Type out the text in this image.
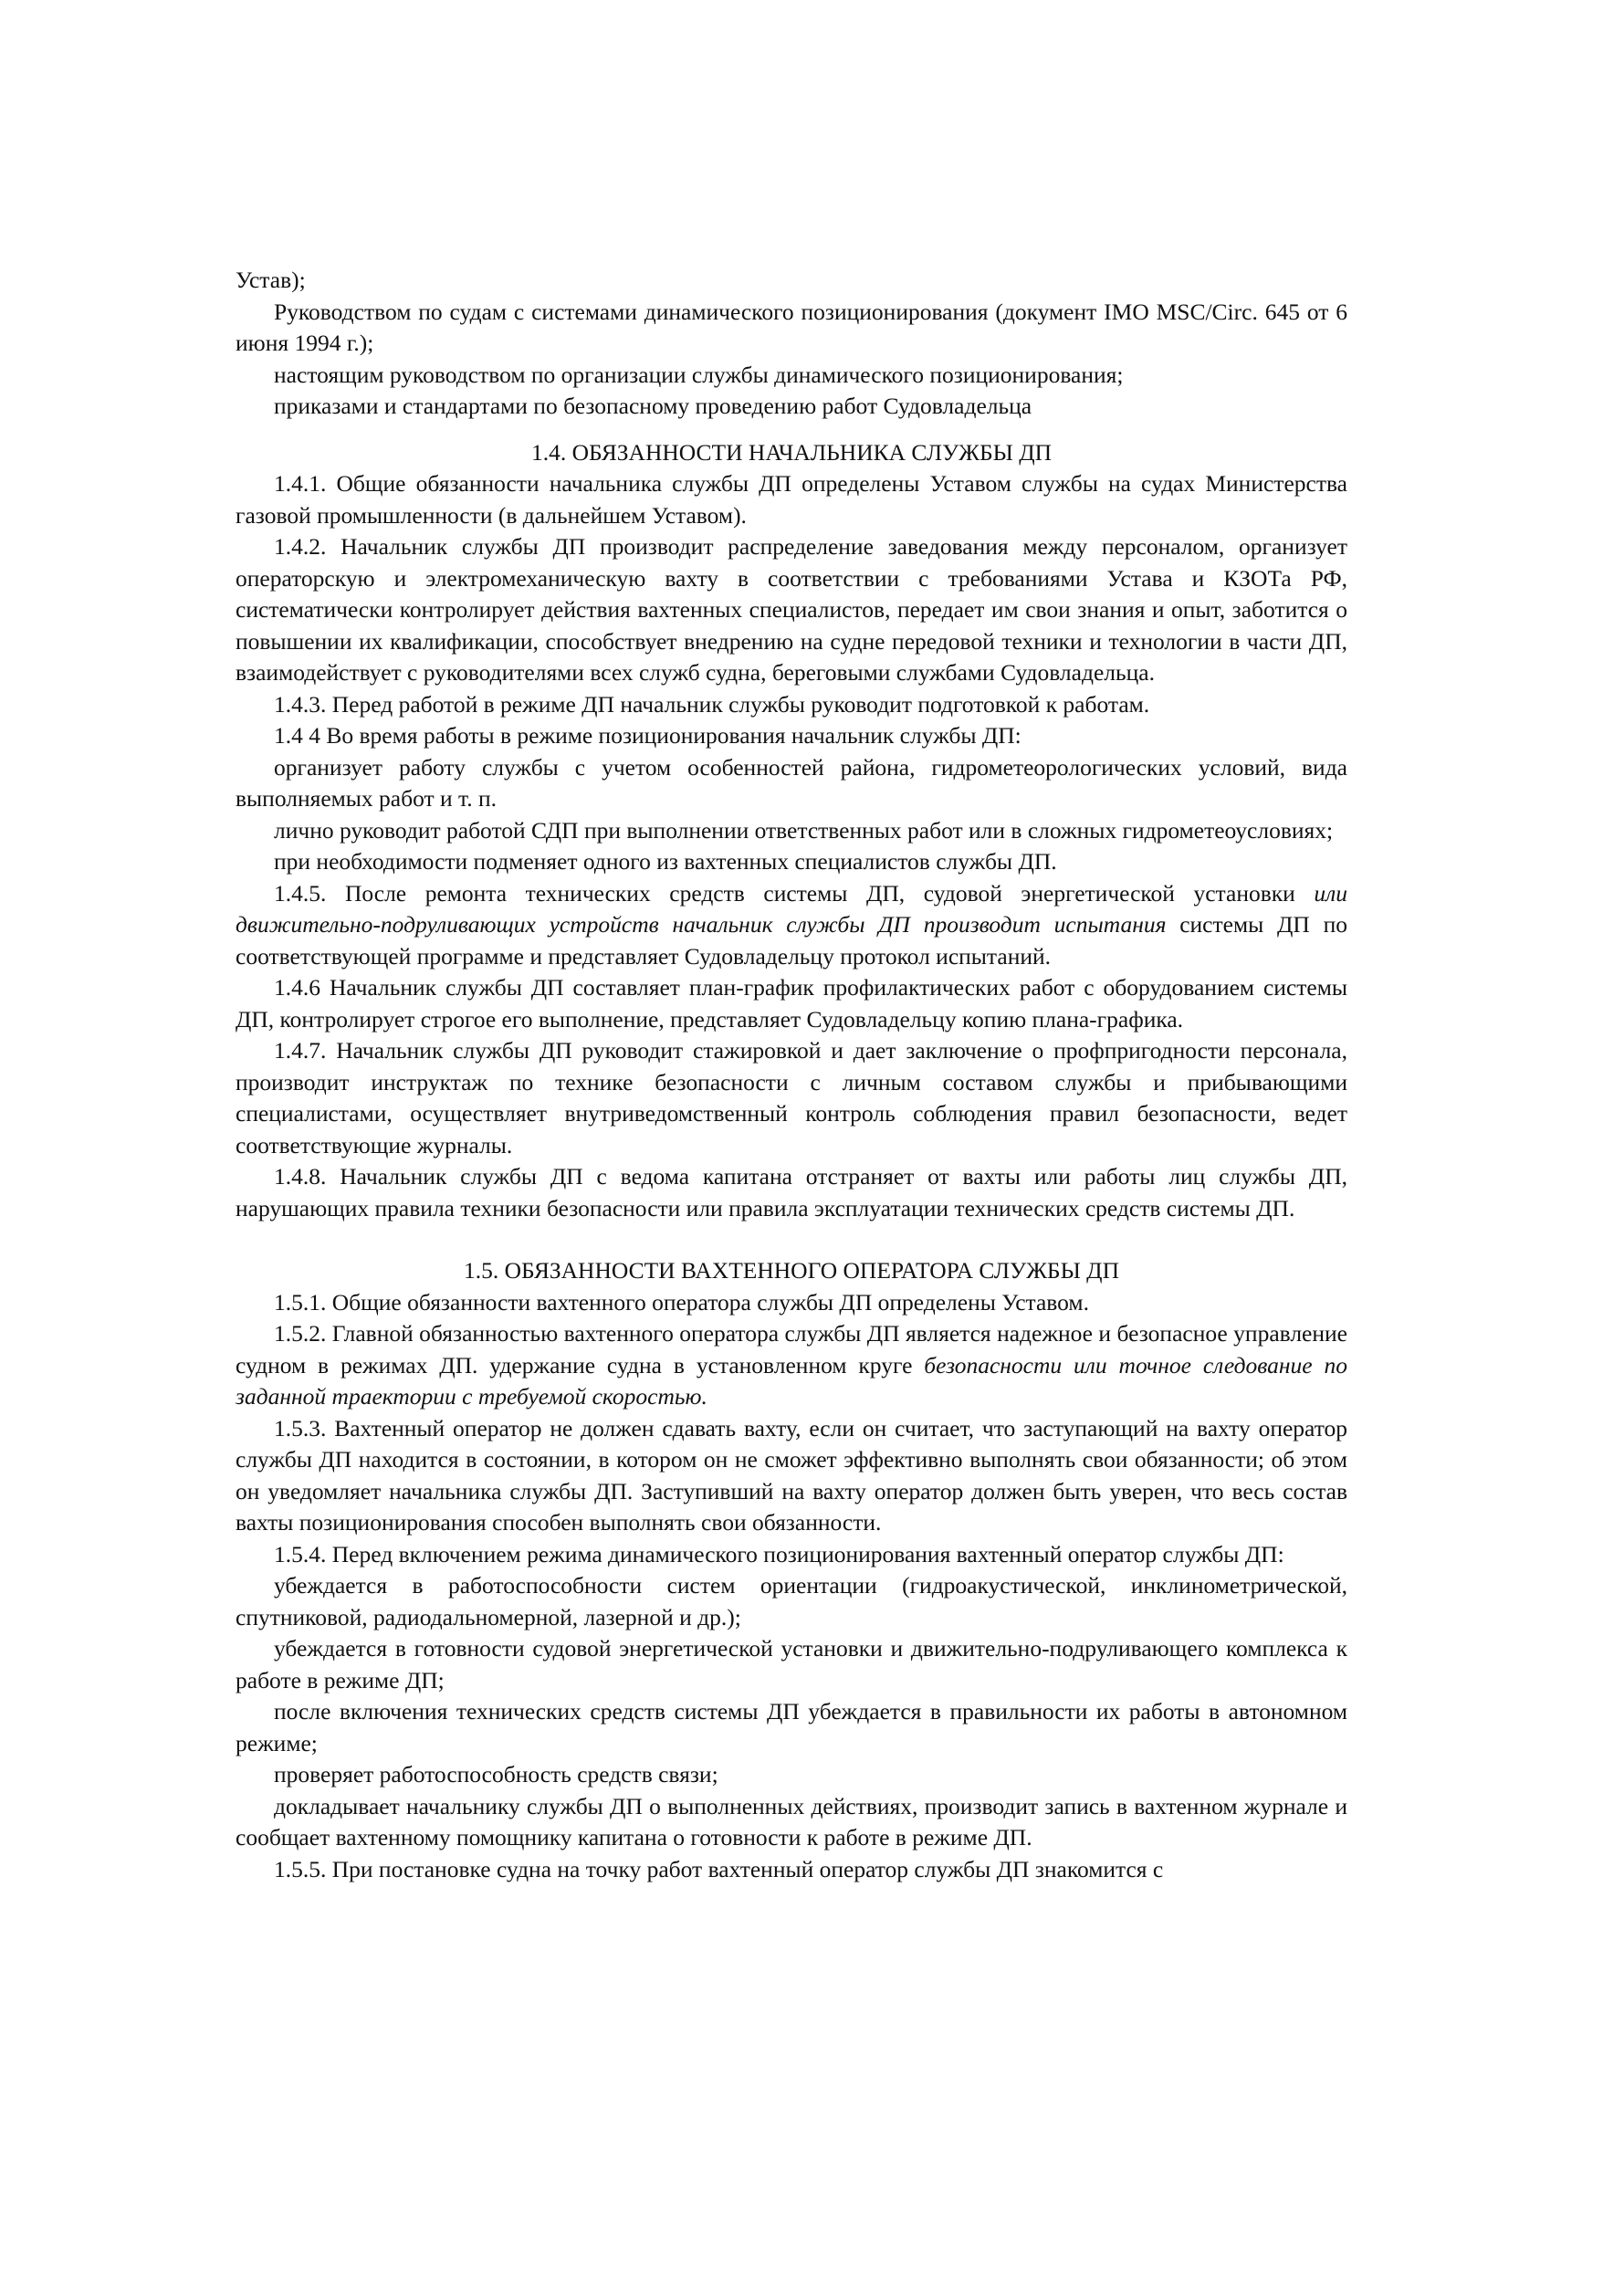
Устав);

Руководством по судам с системами динамического позиционирования (документ IMO MSC/Circ. 645 от 6 июня 1994 г.);

настоящим руководством по организации службы динамического позиционирования;

приказами и стандартами по безопасному проведению работ Судовладельца

1.4. ОБЯЗАННОСТИ НАЧАЛЬНИКА СЛУЖБЫ ДП

1.4.1. Общие обязанности начальника службы ДП определены Уставом службы на судах Министерства газовой промышленности (в дальнейшем Уставом).

1.4.2. Начальник службы ДП производит распределение заведования между персоналом, организует операторскую и электромеханическую вахту в соответствии с требованиями Устава и КЗОТа РФ, систематически контролирует действия вахтенных специалистов, передает им свои знания и опыт, заботится о повышении их квалификации, способствует внедрению на судне передовой техники и технологии в части ДП, взаимодействует с руководителями всех служб судна, береговыми службами Судовладельца.

1.4.3. Перед работой в режиме ДП начальник службы руководит подготовкой к работам.

1.4 4 Во время работы в режиме позиционирования начальник службы ДП:

организует работу службы с учетом особенностей района, гидрометеорологических условий, вида выполняемых работ и т. п.

лично руководит работой СДП при выполнении ответственных работ или в сложных гидрометеоусловиях;

при необходимости подменяет одного из вахтенных специалистов службы ДП.

1.4.5. После ремонта технических средств системы ДП, судовой энергетической установки или движительно-подруливающих устройств начальник службы ДП производит испытания системы ДП по соответствующей программе и представляет Судовладельцу протокол испытаний.

1.4.6 Начальник службы ДП составляет план-график профилактических работ с оборудованием системы ДП, контролирует строгое его выполнение, представляет Судовладельцу копию плана-графика.

1.4.7. Начальник службы ДП руководит стажировкой и дает заключение о профпригодности персонала, производит инструктаж по технике безопасности с личным составом службы и прибывающими специалистами, осуществляет внутриведомственный контроль соблюдения правил безопасности, ведет соответствующие журналы.

1.4.8. Начальник службы ДП с ведома капитана отстраняет от вахты или работы лиц службы ДП, нарушающих правила техники безопасности или правила эксплуатации технических средств системы ДП.

1.5. ОБЯЗАННОСТИ ВАХТЕННОГО ОПЕРАТОРА СЛУЖБЫ ДП

1.5.1. Общие обязанности вахтенного оператора службы ДП определены Уставом.

1.5.2. Главной обязанностью вахтенного оператора службы ДП является надежное и безопасное управление судном в режимах ДП. удержание судна в установленном круге безопасности или точное следование по заданной траектории с требуемой скоростью.

1.5.3. Вахтенный оператор не должен сдавать вахту, если он считает, что заступающий на вахту оператор службы ДП находится в состоянии, в котором он не сможет эффективно выполнять свои обязанности; об этом он уведомляет начальника службы ДП. Заступивший на вахту оператор должен быть уверен, что весь состав вахты позиционирования способен выполнять свои обязанности.

1.5.4. Перед включением режима динамического позиционирования вахтенный оператор службы ДП:

убеждается в работоспособности систем ориентации (гидроакустической, инклинометрической, спутниковой, радиодальномерной, лазерной и др.);

убеждается в готовности судовой энергетической установки и движительно-подруливающего комплекса к работе в режиме ДП;

после включения технических средств системы ДП убеждается в правильности их работы в автономном режиме;

проверяет работоспособность средств связи;

докладывает начальнику службы ДП о выполненных действиях, производит запись в вахтенном журнале и сообщает вахтенному помощнику капитана о готовности к работе в режиме ДП.

1.5.5. При постановке судна на точку работ вахтенный оператор службы ДП знакомится с
